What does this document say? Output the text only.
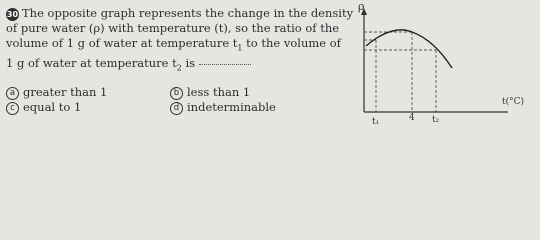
30 The opposite graph represents the change in the density
of pure water (ρ) with temperature (t), so the ratio of the
volume of 1 g of water at temperature $t_1$ to the volume of
1 g of water at temperature $t_2$ is

a greater than 1	b less than 1
c equal to 1	d indeterminable
ρ
t(°C)
t₁	4 t₂
